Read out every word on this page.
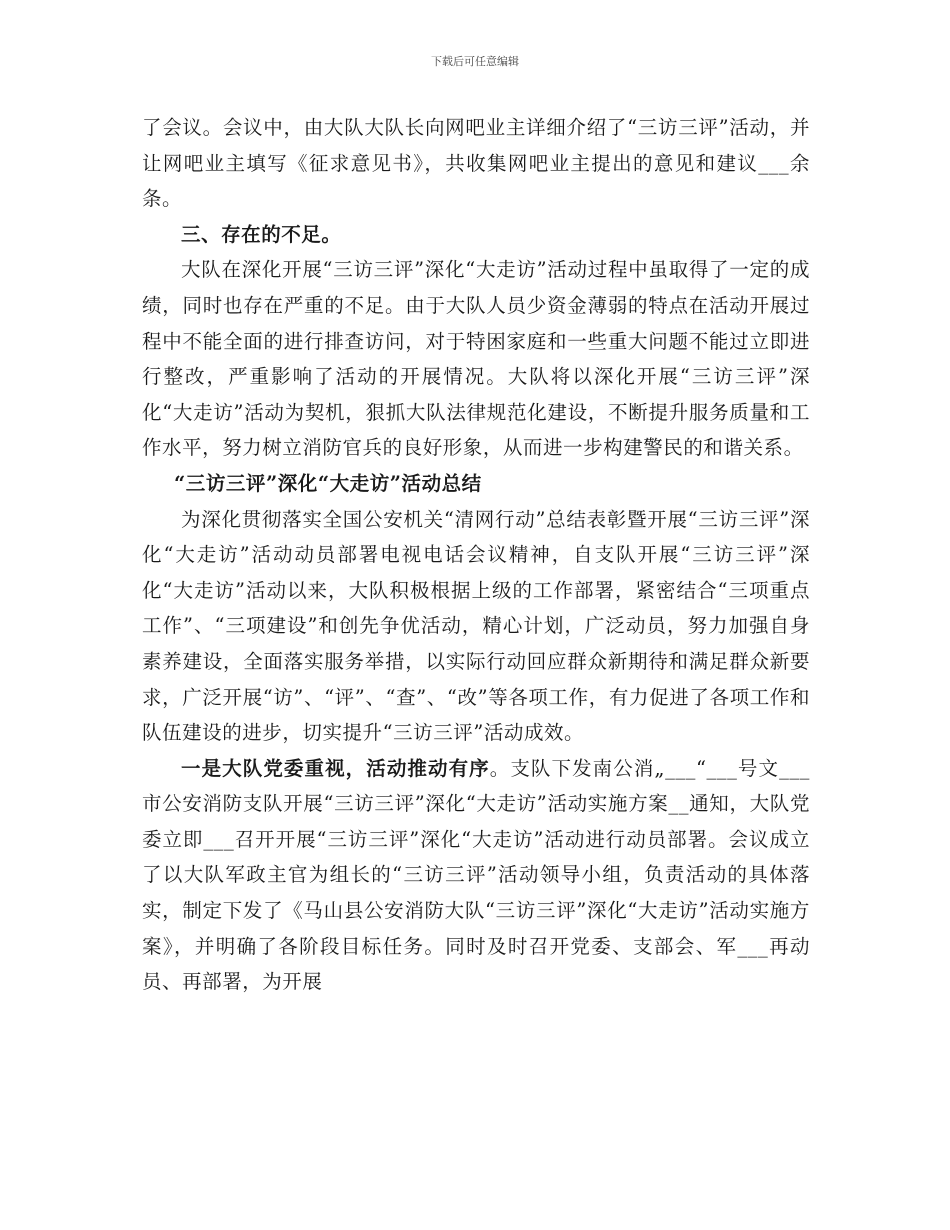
下载后可任意编辑

了会议。会议中，由大队大队长向网吧业主详细介绍了“三访三评”活动，并让网吧业主填写《征求意见书》，共收集网吧业主提出的意见和建议___余条。

三、存在的不足。

大队在深化开展“三访三评”深化“大走访”活动过程中虽取得了一定的成绩，同时也存在严重的不足。由于大队人员少资金薄弱的特点在活动开展过程中不能全面的进行排查访问，对于特困家庭和一些重大问题不能过立即进行整改，严重影响了活动的开展情况。大队将以深化开展“三访三评”深化“大走访”活动为契机，狠抓大队法律规范化建设，不断提升服务质量和工作水平，努力树立消防官兵的良好形象，从而进一步构建警民的和谐关系。

“三访三评”深化“大走访”活动总结

为深化贯彻落实全国公安机关“清网行动”总结表彰暨开展“三访三评”深化“大走访”活动动员部署电视电话会议精神，自支队开展“三访三评”深化“大走访”活动以来，大队积极根据上级的工作部署，紧密结合“三项重点工作”、“三项建设”和创先争优活动，精心计划，广泛动员，努力加强自身素养建设，全面落实服务举措，以实际行动回应群众新期待和满足群众新要求，广泛开展“访”、“评”、“查”、“改”等各项工作，有力促进了各项工作和队伍建设的进步，切实提升“三访三评”活动成效。

一是大队党委重视，活动推动有序。支队下发南公消„___“___号文___市公安消防支队开展“三访三评”深化“大走访”活动实施方案__通知，大队党委立即___召开开展“三访三评”深化“大走访”活动进行动员部署。会议成立了以大队军政主官为组长的“三访三评”活动领导小组，负责活动的具体落实，制定下发了《马山县公安消防大队“三访三评”深化“大走访”活动实施方案》，并明确了各阶段目标任务。同时及时召开党委、支部会、军___再动员、再部署，为开展
